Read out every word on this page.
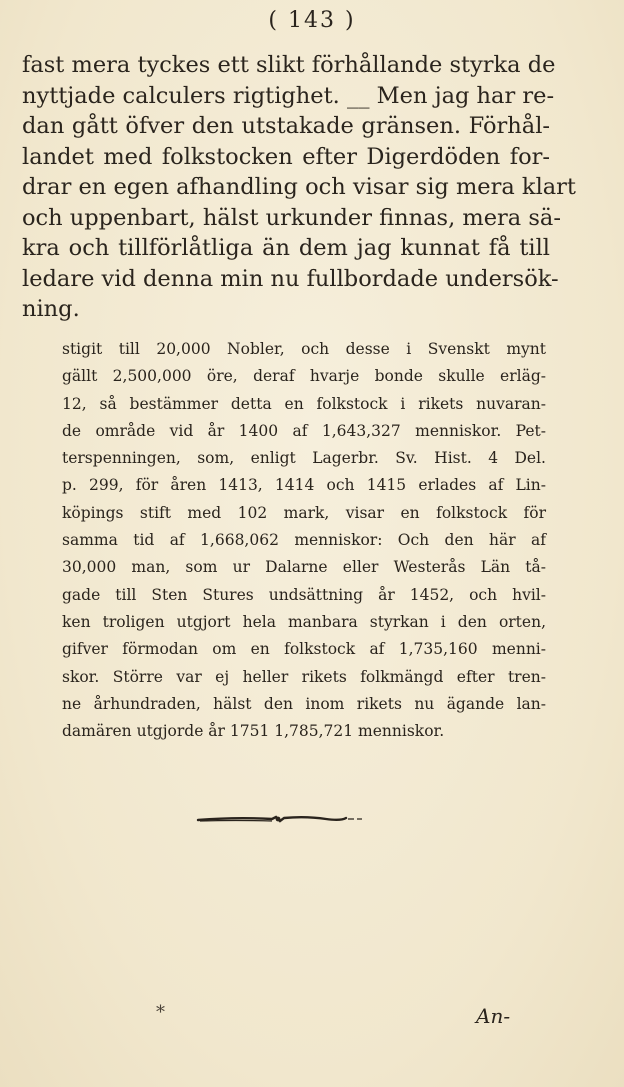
( 143 )
fast mera tyckes ett slikt förhållande styrka de
nyttjade calculers rigtighet. __ Men jag har re-
dan gått öfver den utstakade gränsen. Förhål-
landet med folkstocken efter Digerdöden for-
drar en egen afhandling och visar sig mera klart
och uppenbart, hälst urkunder finnas, mera sä-
kra och tillförlåtliga än dem jag kunnat få till
ledare vid denna min nu fullbordade undersök-
ning.
stigit till 20,000 Nobler, och desse i Svenskt mynt
gällt 2,500,000 öre, deraf hvarje bonde skulle erläg-
12, så bestämmer detta en folkstock i rikets nuvaran-
de område vid år 1400 af 1,643,327 menniskor. Pet-
terspenningen, som, enligt Lagerbr. Sv. Hist. 4 Del.
p. 299, för åren 1413, 1414 och 1415 erlades af Lin-
köpings stift med 102 mark, visar en folkstock för
samma tid af 1,668,062 menniskor: Och den här af
30,000 man, som ur Dalarne eller Westerås Län tå-
gade till Sten Stures undsättning år 1452, och hvil-
ken troligen utgjort hela manbara styrkan i den orten,
gifver förmodan om en folkstock af 1,735,160 menni-
skor. Större var ej heller rikets folkmängd efter tren-
ne århundraden, hälst den inom rikets nu ägande lan-
damären utgjorde år 1751 1,785,721 menniskor.
*	An-
